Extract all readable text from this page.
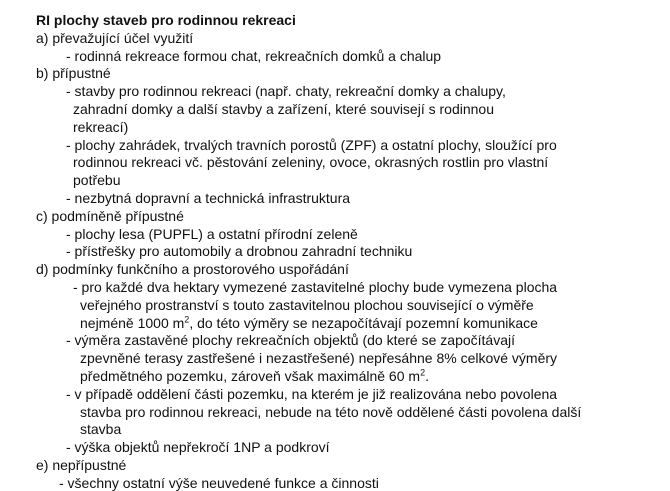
RI plochy staveb pro rodinnou rekreaci
a) převažující účel využití
- rodinná rekreace formou chat, rekreačních domků a chalup
b) přípustné
- stavby pro rodinnou rekreaci (např. chaty, rekreační domky a chalupy,
zahradní domky a další stavby a zařízení, které souvisejí s rodinnou
rekreací)
- plochy zahrádek, trvalých travních porostů (ZPF) a ostatní plochy, sloužící pro
rodinnou rekreaci vč. pěstování zeleniny, ovoce, okrasných rostlin pro vlastní
potřebu
- nezbytná dopravní a technická infrastruktura
c) podmíněně přípustné
- plochy lesa (PUPFL) a ostatní přírodní zeleně
- přístřešky pro automobily a drobnou zahradní techniku
d) podmínky funkčního a prostorového uspořádání
- pro každé dva hektary vymezené zastavitelné plochy bude vymezena plocha
veřejného prostranství s touto zastavitelnou plochou související o výměře
nejméně 1000 $m^2$, do této výměry se nezapočítávají pozemní komunikace
- výměra zastavěné plochy rekreačních objektů (do které se započítávají
zpevněné terasy zastřešené i nezastřešené) nepřesáhne 8% celkové výměry
předmětného pozemku, zároveň však maximálně 60 $m^2$.
- v případě oddělení části pozemku, na kterém je již realizována nebo povolena
stavba pro rodinnou rekreaci, nebude na této nově oddělené části povolena další
stavba
- výška objektů nepřekročí 1NP a podkroví
e) nepřípustné
- všechny ostatní výše neuvedené funkce a činnosti
